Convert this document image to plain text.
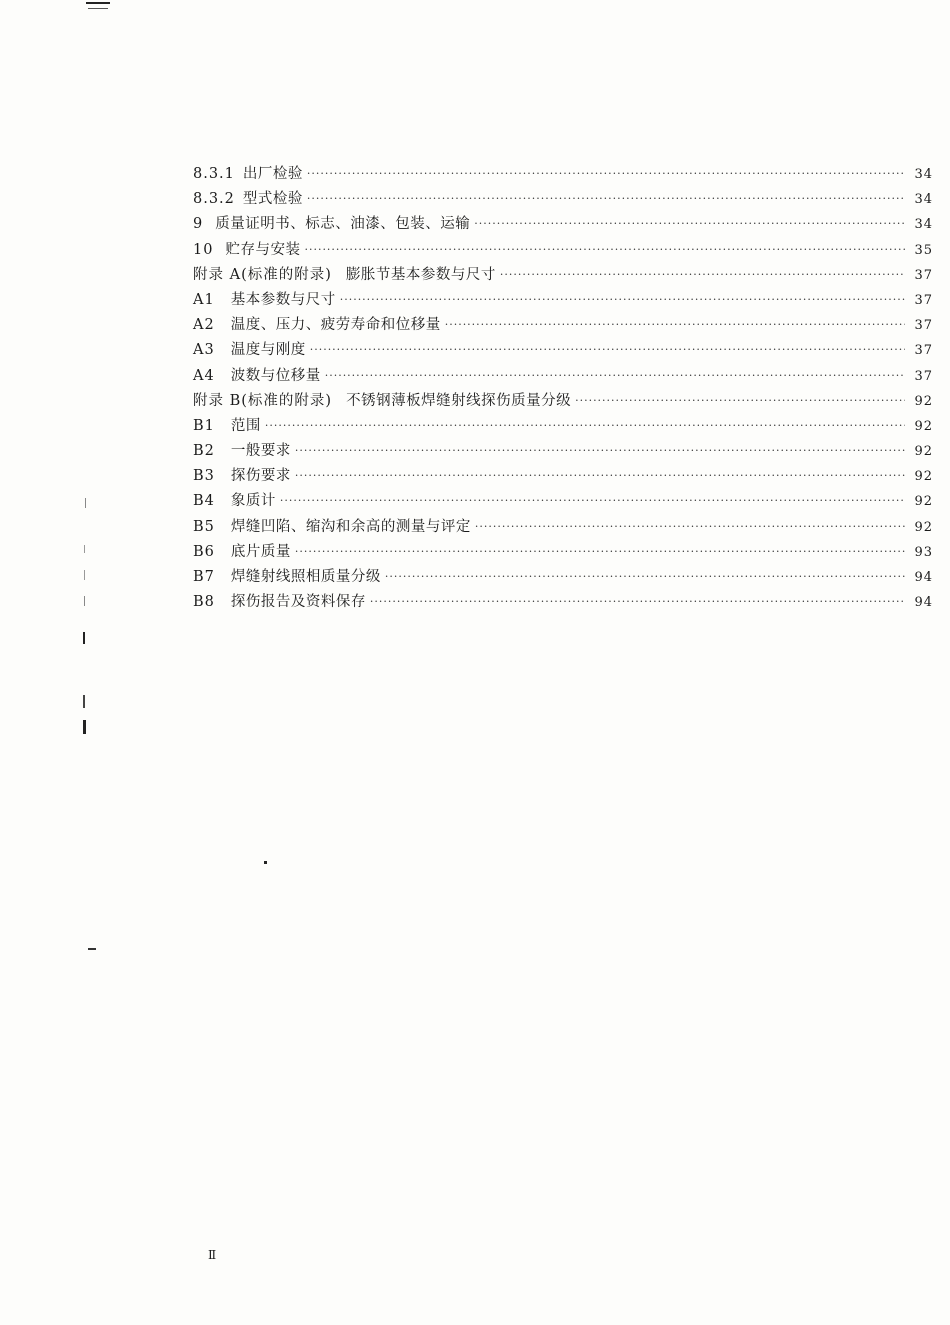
8.3.1 出厂检验 ·····	34
8.3.2 型式检验 ·····	34
9 质量证明书、标志、油漆、包装、运输 ·····	34
10 贮存与安装 ·····	35
附录 A(标准的附录) 膨胀节基本参数与尺寸 ·····	37
A1 基本参数与尺寸 ·····	37
A2 温度、压力、疲劳寿命和位移量 ·····	37
A3 温度与刚度 ·····	37
A4 波数与位移量 ·····	37
附录 B(标准的附录) 不锈钢薄板焊缝射线探伤质量分级 ·····	92
B1 范围 ·····	92
B2 一般要求 ·····	92
B3 探伤要求 ·····	92
B4 象质计 ·····	92
B5 焊缝凹陷、缩沟和余高的测量与评定 ·····	92
B6 底片质量 ·····	93
B7 焊缝射线照相质量分级 ·····	94
B8 探伤报告及资料保存 ·····	94
Ⅱ
